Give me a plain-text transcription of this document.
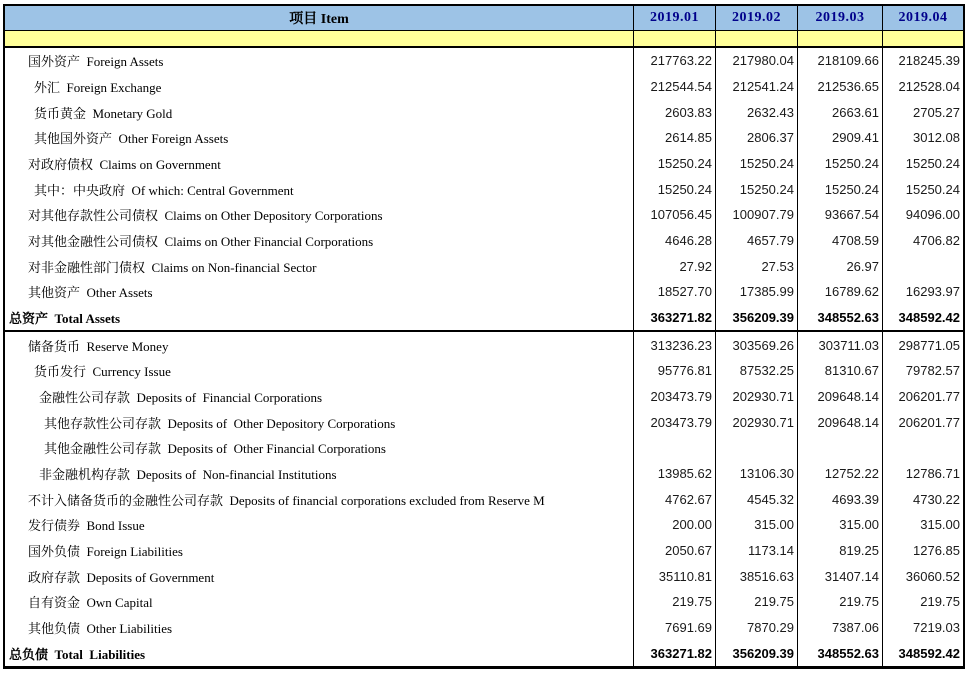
项目 Item	2019.01	2019.02	2019.03	2019.04
国外资产  Foreign Assets	217763.22	217980.04	218109.66	218245.39
外汇  Foreign Exchange	212544.54	212541.24	212536.65	212528.04
货币黄金  Monetary Gold	2603.83	2632.43	2663.61	2705.27
其他国外资产  Other Foreign Assets	2614.85	2806.37	2909.41	3012.08
对政府债权  Claims on Government	15250.24	15250.24	15250.24	15250.24
其中：中央政府  Of which: Central Government	15250.24	15250.24	15250.24	15250.24
对其他存款性公司债权  Claims on Other Depository Corporations	107056.45	100907.79	93667.54	94096.00
对其他金融性公司债权  Claims on Other Financial Corporations	4646.28	4657.79	4708.59	4706.82
对非金融性部门债权  Claims on Non-financial Sector	27.92	27.53	26.97
其他资产  Other Assets	18527.70	17385.99	16789.62	16293.97
总资产  Total Assets	363271.82	356209.39	348552.63	348592.42
储备货币  Reserve Money	313236.23	303569.26	303711.03	298771.05
货币发行  Currency Issue	95776.81	87532.25	81310.67	79782.57
金融性公司存款  Deposits of  Financial Corporations	203473.79	202930.71	209648.14	206201.77
其他存款性公司存款  Deposits of  Other Depository Corporations	203473.79	202930.71	209648.14	206201.77
其他金融性公司存款  Deposits of  Other Financial Corporations
非金融机构存款  Deposits of  Non-financial Institutions	13985.62	13106.30	12752.22	12786.71
不计入储备货币的金融性公司存款  Deposits of financial corporations excluded from Reserve M	4762.67	4545.32	4693.39	4730.22
发行债券  Bond Issue	200.00	315.00	315.00	315.00
国外负债  Foreign Liabilities	2050.67	1173.14	819.25	1276.85
政府存款  Deposits of Government	35110.81	38516.63	31407.14	36060.52
自有资金  Own Capital	219.75	219.75	219.75	219.75
其他负债  Other Liabilities	7691.69	7870.29	7387.06	7219.03
总负债  Total  Liabilities	363271.82	356209.39	348552.63	348592.42
